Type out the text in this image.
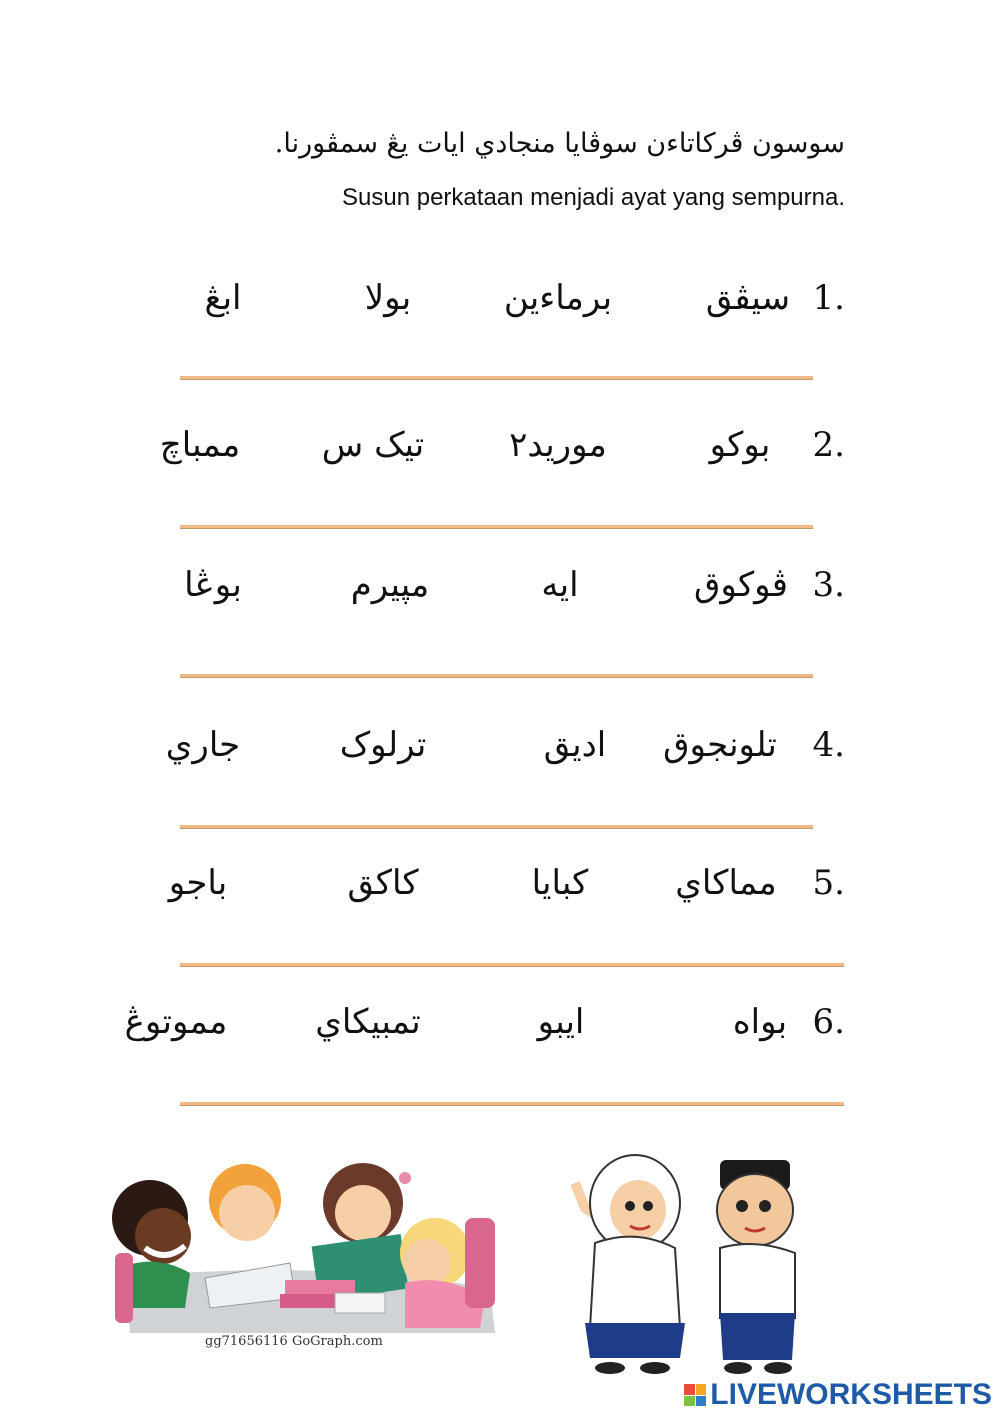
سوسون ڤركاتاءن سوڤايا منجادي ايات يڠ سمڤورنا.
Susun perkataan menjadi ayat yang sempurna.
1.
سيڤق
برماءين
بولا
ابڠ
2.
بوكو
موريد٢
تيک س
ممباچ
3.
ڤوكوق
ايه
مپيرم
بوڠا
4.
تلونجوق
اديق
ترلوک
جاري
5.
مماكاي
كبايا
كاكق
باجو
6.
بواه
ايبو
تمبيكاي
مموتوڠ
gg71656116 GoGraph.com
LIVEWORKSHEETS
